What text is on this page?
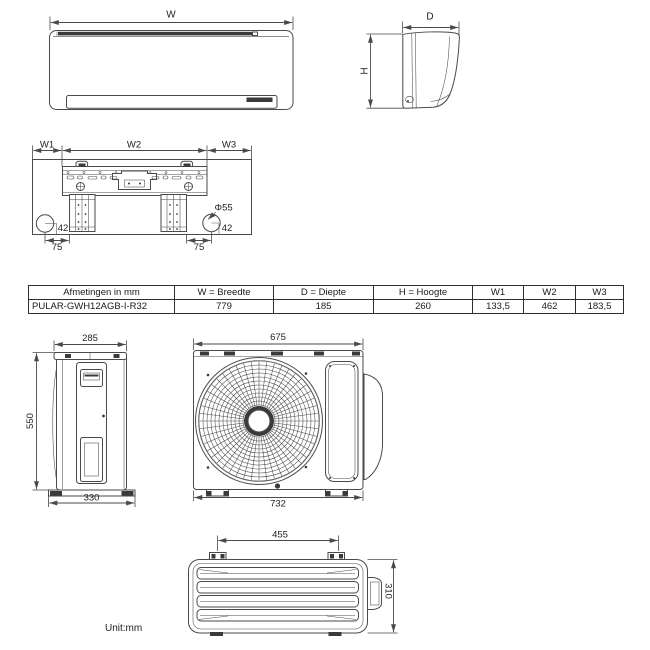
W	D
H
W1	W2	W3
42	42
75	75
Φ55
285
550
330
675
732
455
310
Afmetingen in mm	W = Breedte	D = Diepte	H = Hoogte	W1	W2	W3
PULAR-GWH12AGB-I-R32	779	185	260	133,5	462	183,5
Unit:mm
